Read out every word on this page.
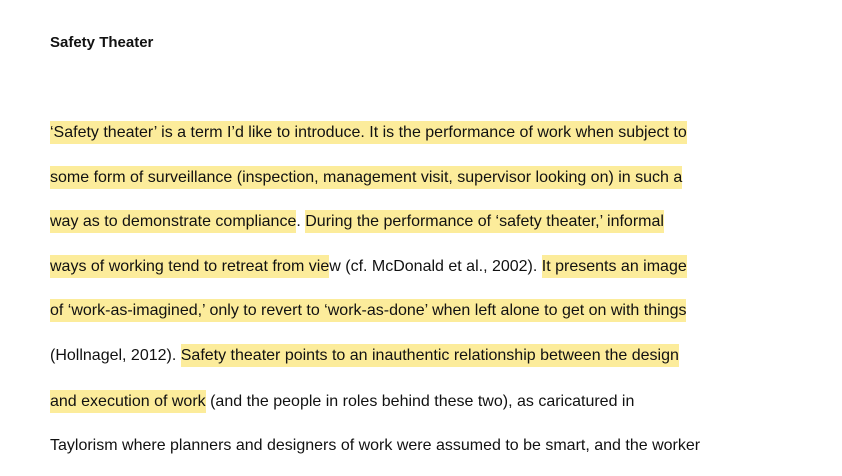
Safety Theater
‘Safety theater’ is a term I’d like to introduce. It is the performance of work when subject to
some form of surveillance (inspection, management visit, supervisor looking on) in such a
way as to demonstrate compliance. During the performance of ‘safety theater,’ informal
ways of working tend to retreat from view (cf. McDonald et al., 2002). It presents an image
of ‘work-as-imagined,’ only to revert to ‘work-as-done’ when left alone to get on with things
(Hollnagel, 2012). Safety theater points to an inauthentic relationship between the design
and execution of work (and the people in roles behind these two), as caricatured in
Taylorism where planners and designers of work were assumed to be smart, and the worker
